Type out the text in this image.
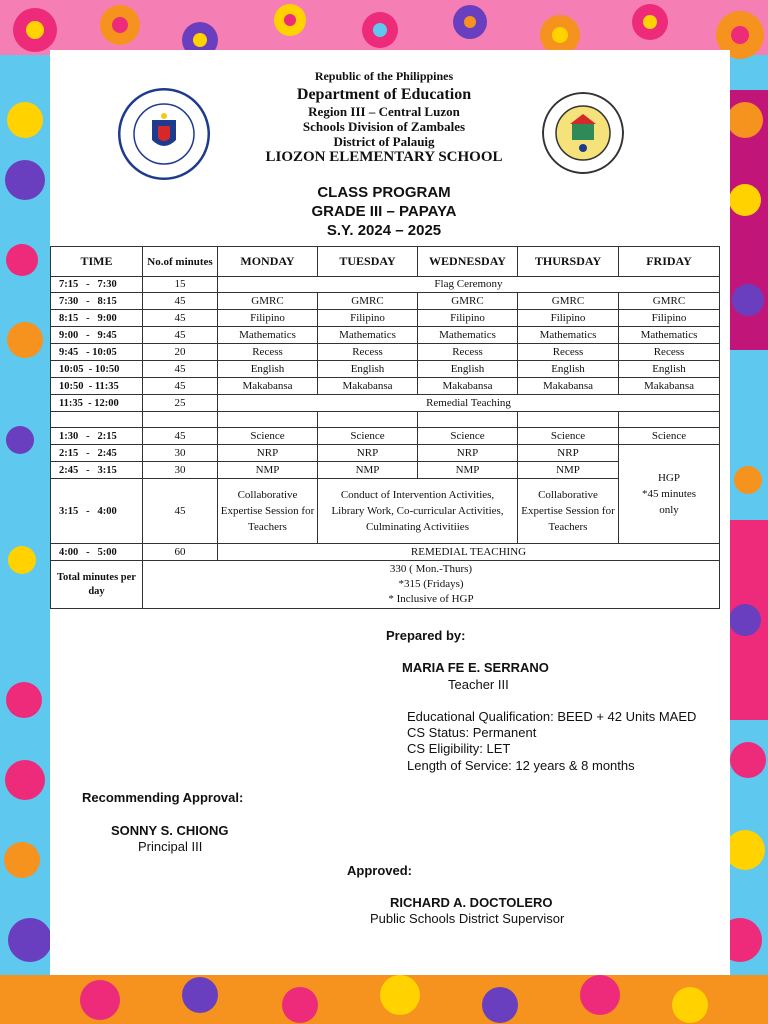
Republic of the Philippines
Department of Education
Region III – Central Luzon
Schools Division of Zambales
District of Palauig
LIOZON ELEMENTARY SCHOOL
CLASS PROGRAM
GRADE III – PAPAYA
S.Y. 2024 – 2025
TIME	No.of minutes	MONDAY	TUESDAY	WEDNESDAY	THURSDAY	FRIDAY
7:15   -   7:30	15	Flag Ceremony				
7:30   -   8:15	45	GMRC	GMRC	GMRC	GMRC	GMRC
8:15   -   9:00	45	Filipino	Filipino	Filipino	Filipino	Filipino
9:00   -   9:45	45	Mathematics	Mathematics	Mathematics	Mathematics	Mathematics
9:45   - 10:05	20	Recess	Recess	Recess	Recess	Recess
10:05  - 10:50	45	English	English	English	English	English
10:50  - 11:35	45	Makabansa	Makabansa	Makabansa	Makabansa	Makabansa
11:35  - 12:00	25	Remedial Teaching				

1:30   -   2:15	45	Science	Science	Science	Science	Science
2:15   -   2:45	30	NRP	NRP	NRP	NRP	HGP
*45 minutes only

2:45   -   3:15	30	NMP	NMP	NMP	NMP	
3:15   -   4:00	45	Collaborative Expertise Session for Teachers	Conduct of Intervention Activities, Library Work, Co-curricular Activities, Culminating Activitiies		Collaborative Expertise Session for Teachers	
4:00   -   5:00	60	REMEDIAL TEACHING				
Total minutes per day	330 ( Mon.-Thurs)
*315 (Fridays)
* Inclusive of HGP					
Prepared by:
MARIA FE E. SERRANO
Teacher III
Educational Qualification: BEED + 42 Units MAED
CS Status: Permanent
CS Eligibility: LET
Length of Service: 12 years & 8 months
Recommending Approval:
SONNY S. CHIONG
Principal III
Approved:
RICHARD A. DOCTOLERO
Public Schools District Supervisor
